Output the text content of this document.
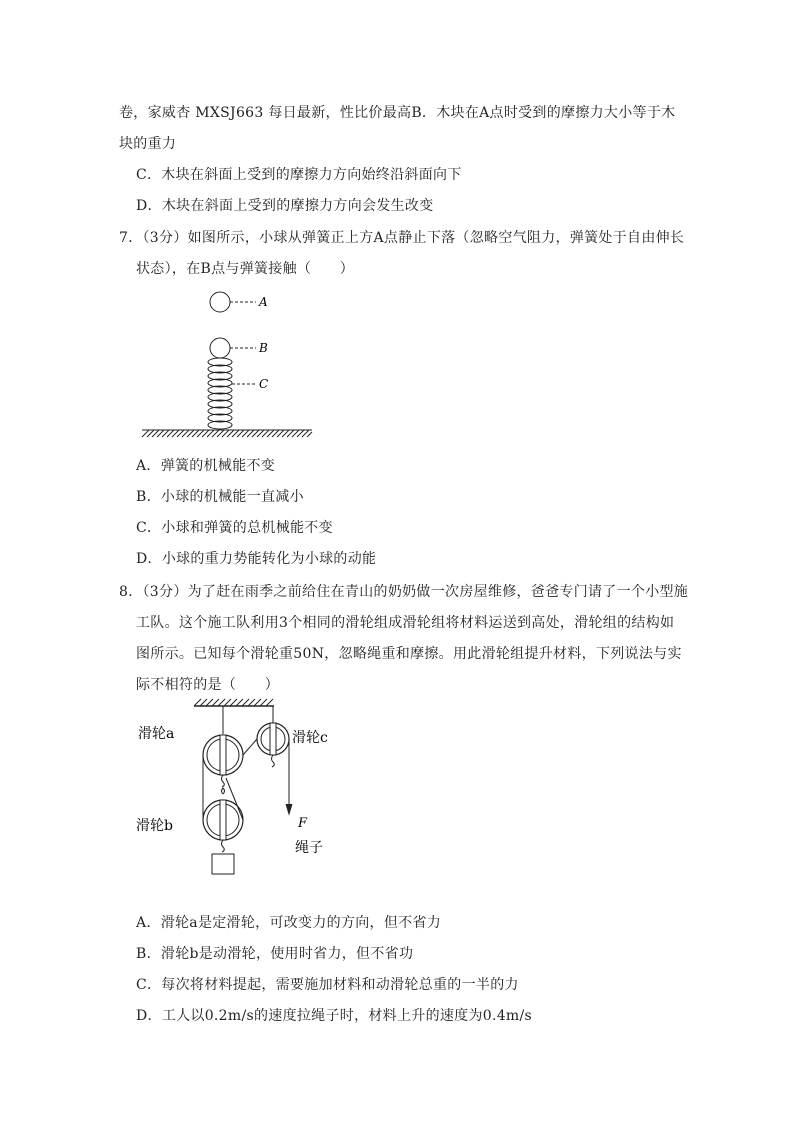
卷，家威杏 MXSJ663 每日最新，性比价最高B．木块在A点时受到的摩擦力大小等于木
块的重力
C．木块在斜面上受到的摩擦力方向始终沿斜面向下
D．木块在斜面上受到的摩擦力方向会发生改变
7．（3分）如图所示，小球从弹簧正上方A点静止下落（忽略空气阻力，弹簧处于自由伸长
状态），在B点与弹簧接触（　　）
A
B
C
A．弹簧的机械能不变
B．小球的机械能一直减小
C．小球和弹簧的总机械能不变
D．小球的重力势能转化为小球的动能
8．（3分）为了赶在雨季之前给住在青山的奶奶做一次房屋维修，爸爸专门请了一个小型施
工队。这个施工队利用3个相同的滑轮组成滑轮组将材料运送到高处，滑轮组的结构如
图所示。已知每个滑轮重50N，忽略绳重和摩擦。用此滑轮组提升材料，下列说法与实
际不相符的是（　　）
滑轮a	滑轮c
滑轮b	F
绳子
A．滑轮a是定滑轮，可改变力的方向，但不省力
B．滑轮b是动滑轮，使用时省力，但不省功
C．每次将材料提起，需要施加材料和动滑轮总重的一半的力
D．工人以0.2m/s的速度拉绳子时，材料上升的速度为0.4m/s
